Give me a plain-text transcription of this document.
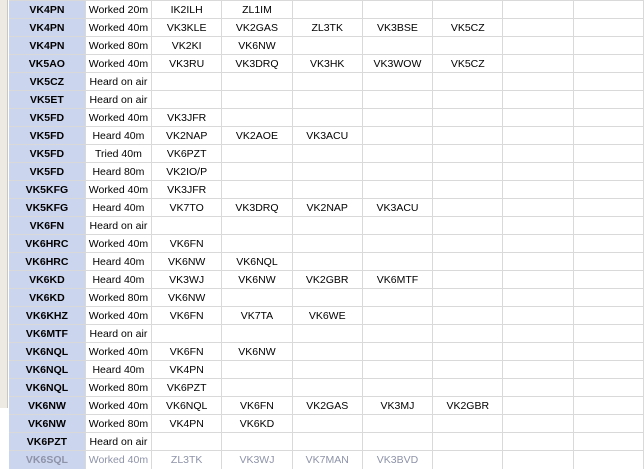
VK4PN	Worked 20m	IK2ILH	ZL1IM					
VK4PN	Worked 40m	VK3KLE	VK2GAS	ZL3TK	VK3BSE	VK5CZ		
VK4PN	Worked 80m	VK2KI	VK6NW					
VK5AO	Worked 40m	VK3RU	VK3DRQ	VK3HK	VK3WOW	VK5CZ		
VK5CZ	Heard on air							
VK5ET	Heard on air							
VK5FD	Worked 40m	VK3JFR						
VK5FD	Heard 40m	VK2NAP	VK2AOE	VK3ACU				
VK5FD	Tried 40m	VK6PZT						
VK5FD	Heard 80m	VK2IO/P						
VK5KFG	Worked 40m	VK3JFR						
VK5KFG	Heard 40m	VK7TO	VK3DRQ	VK2NAP	VK3ACU			
VK6FN	Heard on air							
VK6HRC	Worked 40m	VK6FN						
VK6HRC	Heard 40m	VK6NW	VK6NQL					
VK6KD	Heard 40m	VK3WJ	VK6NW	VK2GBR	VK6MTF			
VK6KD	Worked 80m	VK6NW						
VK6KHZ	Worked 40m	VK6FN	VK7TA	VK6WE				
VK6MTF	Heard on air							
VK6NQL	Worked 40m	VK6FN	VK6NW					
VK6NQL	Heard 40m	VK4PN						
VK6NQL	Worked 80m	VK6PZT						
VK6NW	Worked 40m	VK6NQL	VK6FN	VK2GAS	VK3MJ	VK2GBR		
VK6NW	Worked 80m	VK4PN	VK6KD					
VK6PZT	Heard on air							
VK6SQL	Worked 40m	ZL3TK	VK3WJ	VK7MAN	VK3BVD			
